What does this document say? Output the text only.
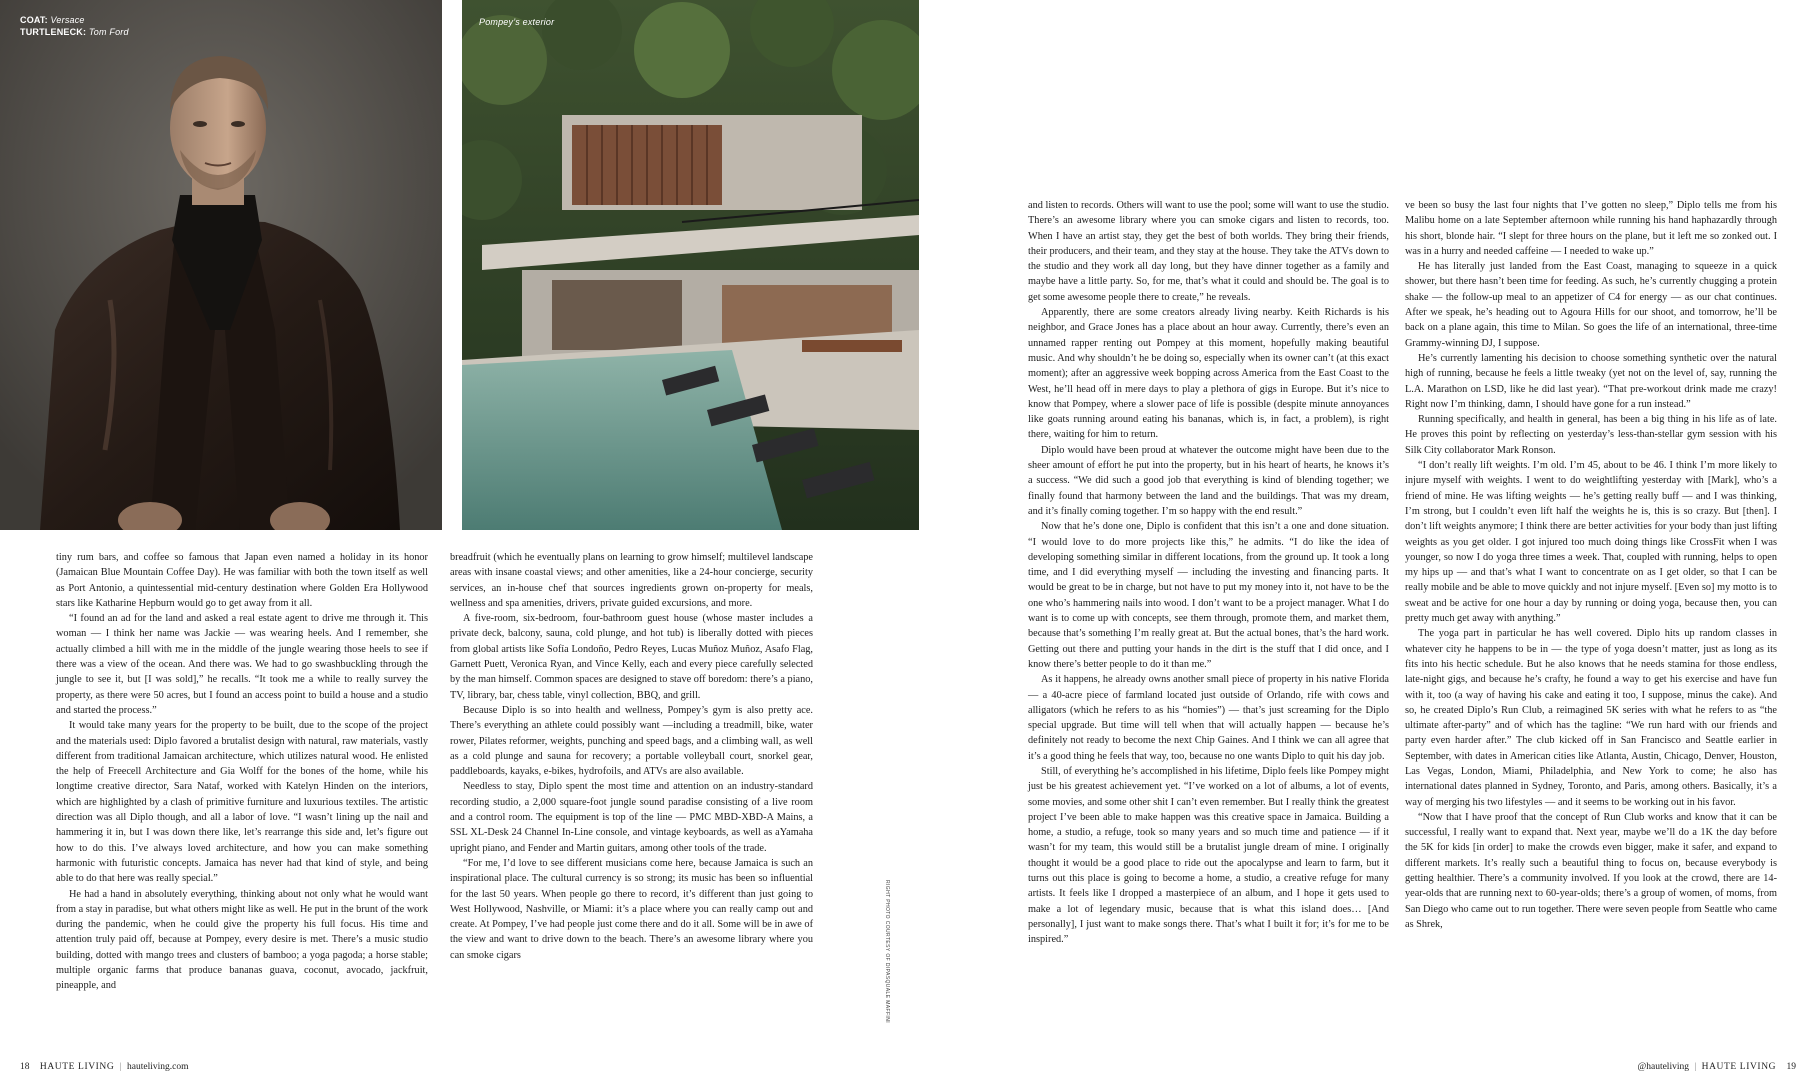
COAT: Versace
TURTLENECK: Tom Ford
Pompey’s exterior

tiny rum bars, and coffee so famous that Japan even named a holiday in its honor (Jamaican Blue Mountain Coffee Day). He was familiar with both the town itself as well as Port Antonio, a quintessential mid-century destination where Golden Era Hollywood stars like Katharine Hepburn would go to get away from it all.

“I found an ad for the land and asked a real estate agent to drive me through it. This woman — I think her name was Jackie — was wearing heels. And I remember, she actually climbed a hill with me in the middle of the jungle wearing those heels to see if there was a view of the ocean. And there was. We had to go swashbuckling through the jungle to see it, but [I was sold],” he recalls. “It took me a while to really survey the property, as there were 50 acres, but I found an access point to build a house and a studio and started the process.”

It would take many years for the property to be built, due to the scope of the project and the materials used: Diplo favored a brutalist design with natural, raw materials, vastly different from traditional Jamaican architecture, which utilizes natural wood. He enlisted the help of Freecell Architecture and Gia Wolff for the bones of the home, while his longtime creative director, Sara Nataf, worked with Katelyn Hinden on the interiors, which are highlighted by a clash of primitive furniture and luxurious textiles. The artistic direction was all Diplo though, and all a labor of love. “I wasn’t lining up the nail and hammering it in, but I was down there like, let’s rearrange this side and, let’s figure out how to do this. I’ve always loved architecture, and how you can make something harmonic with futuristic concepts. Jamaica has never had that kind of style, and being able to do that here was really special.”

He had a hand in absolutely everything, thinking about not only what he would want from a stay in paradise, but what others might like as well. He put in the brunt of the work during the pandemic, when he could give the property his full focus. His time and attention truly paid off, because at Pompey, every desire is met. There’s a music studio building, dotted with mango trees and clusters of bamboo; a yoga pagoda; a horse stable; multiple organic farms that produce bananas guava, coconut, avocado, jackfruit, pineapple, and

breadfruit (which he eventually plans on learning to grow himself; multilevel landscape areas with insane coastal views; and other amenities, like a 24-hour concierge, security services, an in-house chef that sources ingredients grown on-property for meals, wellness and spa amenities, drivers, private guided excursions, and more.

A five-room, six-bedroom, four-bathroom guest house (whose master includes a private deck, balcony, sauna, cold plunge, and hot tub) is liberally dotted with pieces from global artists like Sofía Londoño, Pedro Reyes, Lucas Muñoz Muñoz, Asafo Flag, Garnett Puett, Veronica Ryan, and Vince Kelly, each and every piece carefully selected by the man himself. Common spaces are designed to stave off boredom: there’s a piano, TV, library, bar, chess table, vinyl collection, BBQ, and grill.

Because Diplo is so into health and wellness, Pompey’s gym is also pretty ace. There’s everything an athlete could possibly want —including a treadmill, bike, water rower, Pilates reformer, weights, punching and speed bags, and a climbing wall, as well as a cold plunge and sauna for recovery; a portable volleyball court, snorkel gear, paddleboards, kayaks, e-bikes, hydrofoils, and ATVs are also available.

Needless to stay, Diplo spent the most time and attention on an industry-standard recording studio, a 2,000 square-foot jungle sound paradise consisting of a live room and a control room. The equipment is top of the line — PMC MBD-XBD-A Mains, a SSL XL-Desk 24 Channel In-Line console, and vintage keyboards, as well as aYamaha upright piano, and Fender and Martin guitars, among other tools of the trade.

“For me, I’d love to see different musicians come here, because Jamaica is such an inspirational place. The cultural currency is so strong; its music has been so influential for the last 50 years. When people go there to record, it’s different than just going to West Hollywood, Nashville, or Miami: it’s a place where you can really camp out and create. At Pompey, I’ve had people just come there and do it all. Some will be in awe of the view and want to drive down to the beach. There’s an awesome library where you can smoke cigars	RIGHT PHOTO COURTESY OF DIPASQUALE MAFFINI

and listen to records. Others will want to use the pool; some will want to use the studio. There’s an awesome library where you can smoke cigars and listen to records, too. When I have an artist stay, they get the best of both worlds. They bring their friends, their producers, and their team, and they stay at the house. They take the ATVs down to the studio and they work all day long, but they have dinner together as a family and maybe have a little party. So, for me, that’s what it could and should be. The goal is to get some awesome people there to create,” he reveals.

Apparently, there are some creators already living nearby. Keith Richards is his neighbor, and Grace Jones has a place about an hour away. Currently, there’s even an unnamed rapper renting out Pompey at this moment, hopefully making beautiful music. And why shouldn’t he be doing so, especially when its owner can’t (at this exact moment); after an aggressive week bopping across America from the East Coast to the West, he’ll head off in mere days to play a plethora of gigs in Europe. But it’s nice to know that Pompey, where a slower pace of life is possible (despite minute annoyances like goats running around eating his bananas, which is, in fact, a problem), is right there, waiting for him to return.

Diplo would have been proud at whatever the outcome might have been due to the sheer amount of effort he put into the property, but in his heart of hearts, he knows it’s a success. “We did such a good job that everything is kind of blending together; we finally found that harmony between the land and the buildings. That was my dream, and it’s finally coming together. I’m so happy with the end result.”

Now that he’s done one, Diplo is confident that this isn’t a one and done situation. “I would love to do more projects like this,” he admits. “I do like the idea of developing something similar in different locations, from the ground up. It took a long time, and I did everything myself — including the investing and financing parts. It would be great to be in charge, but not have to put my money into it, not have to be the one who’s hammering nails into wood. I don’t want to be a project manager. What I do want is to come up with concepts, see them through, promote them, and market them, because that’s something I’m really great at. But the actual bones, that’s the hard work. Getting out there and putting your hands in the dirt is the stuff that I did once, and I know there’s better people to do it than me.”

As it happens, he already owns another small piece of property in his native Florida — a 40-acre piece of farmland located just outside of Orlando, rife with cows and alligators (which he refers to as his “homies”) — that’s just screaming for the Diplo special upgrade. But time will tell when that will actually happen — because he’s definitely not ready to become the next Chip Gaines. And I think we can all agree that it’s a good thing he feels that way, too, because no one wants Diplo to quit his day job.

Still, of everything he’s accomplished in his lifetime, Diplo feels like Pompey might just be his greatest achievement yet. “I’ve worked on a lot of albums, a lot of events, some movies, and some other shit I can’t even remember. But I really think the greatest project I’ve been able to make happen was this creative space in Jamaica. Building a home, a studio, a refuge, took so many years and so much time and patience — if it wasn’t for my team, this would still be a brutalist jungle dream of mine. I originally thought it would be a good place to ride out the apocalypse and learn to farm, but it turns out this place is going to become a home, a studio, a creative refuge for many artists. It feels like I dropped a masterpiece of an album, and I hope it gets used to make a lot of legendary music, because that is what this island does… [And personally], I just want to make songs there. That’s what I built it for; it’s for me to be inspired.”

ve been so busy the last four nights that I’ve gotten no sleep,” Diplo tells me from his Malibu home on a late September afternoon while running his hand haphazardly through his short, blonde hair. “I slept for three hours on the plane, but it left me so zonked out. I was in a hurry and needed caffeine — I needed to wake up.”

He has literally just landed from the East Coast, managing to squeeze in a quick shower, but there hasn’t been time for feeding. As such, he’s currently chugging a protein shake — the follow-up meal to an appetizer of C4 for energy — as our chat continues. After we speak, he’s heading out to Agoura Hills for our shoot, and tomorrow, he’ll be back on a plane again, this time to Milan. So goes the life of an international, three-time Grammy-winning DJ, I suppose.

He’s currently lamenting his decision to choose something synthetic over the natural high of running, because he feels a little tweaky (yet not on the level of, say, running the L.A. Marathon on LSD, like he did last year). “That pre-workout drink made me crazy! Right now I’m thinking, damn, I should have gone for a run instead.”

Running specifically, and health in general, has been a big thing in his life as of late. He proves this point by reflecting on yesterday’s less-than-stellar gym session with his Silk City collaborator Mark Ronson.

“I don’t really lift weights. I’m old. I’m 45, about to be 46. I think I’m more likely to injure myself with weights. I went to do weightlifting yesterday with [Mark], who’s a friend of mine. He was lifting weights — he’s getting really buff — and I was thinking, I’m strong, but I couldn’t even lift half the weights he is, this is so crazy. But [then]. I don’t lift weights anymore; I think there are better activities for your body than just lifting weights as you get older. I got injured too much doing things like CrossFit when I was younger, so now I do yoga three times a week. That, coupled with running, helps to open my hips up — and that’s what I want to concentrate on as I get older, so that I can be really mobile and be able to move quickly and not injure myself. [Even so] my motto is to sweat and be active for one hour a day by running or doing yoga, because then, you can pretty much get away with anything.”

The yoga part in particular he has well covered. Diplo hits up random classes in whatever city he happens to be in — the type of yoga doesn’t matter, just as long as its fits into his hectic schedule. But he also knows that he needs stamina for those endless, late-night gigs, and because he’s crafty, he found a way to get his exercise and have fun with it, too (a way of having his cake and eating it too, I suppose, minus the cake). And so, he created Diplo’s Run Club, a reimagined 5K series with what he refers to as “the ultimate after-party” and of which has the tagline: “We run hard with our friends and party even harder after.” The club kicked off in San Francisco and Seattle earlier in September, with dates in American cities like Atlanta, Austin, Chicago, Denver, Houston, Las Vegas, London, Miami, Philadelphia, and New York to come; he also has international dates planned in Sydney, Toronto, and Paris, among others. Basically, it’s a way of merging his two lifestyles — and it seems to be working out in his favor.

“Now that I have proof that the concept of Run Club works and know that it can be successful, I really want to expand that. Next year, maybe we’ll do a 1K the day before the 5K for kids [in order] to make the crowds even bigger, make it safer, and expand to different markets. It’s really such a beautiful thing to focus on, because everybody is getting healthier. There’s a community involved. If you look at the crowd, there are 14-year-olds that are running next to 60-year-olds; there’s a group of women, of moms, from San Diego who came out to run together. There were seven people from Seattle who came as Shrek,

18 HAUTE LIVING | hauteliving.com	@hauteliving | HAUTE LIVING 19
